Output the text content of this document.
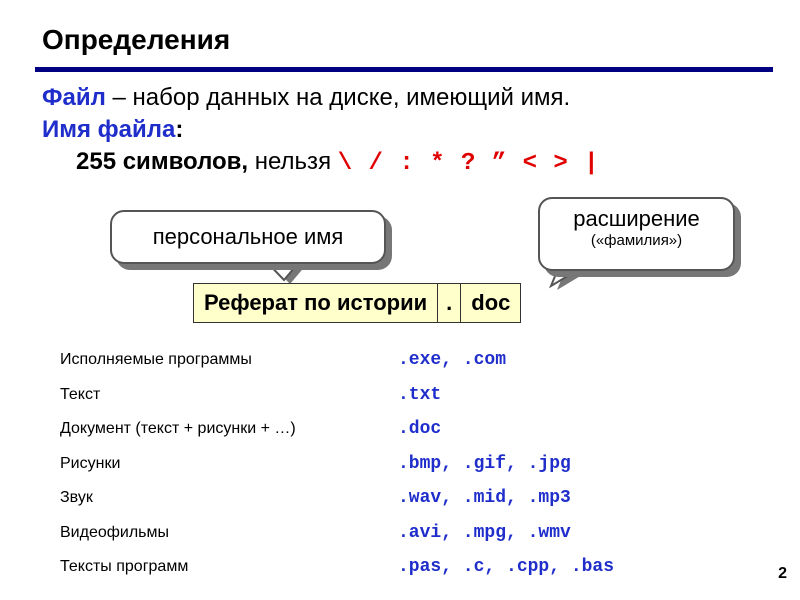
Определения
Файл – набор данных на диске, имеющий имя.
Имя файла:
255 символов, нельзя \ / : * ? ” < > |
персональное имя
расширение
(«фамилия»)
Реферат по истории	.	doc
Исполняемые программы	.exe, .com
Текст	.txt
Документ (текст + рисунки + …)	.doc
Рисунки	.bmp, .gif, .jpg
Звук	.wav, .mid, .mp3
Видеофильмы	.avi, .mpg, .wmv
Тексты программ	.pas, .c, .cpp, .bas	2
